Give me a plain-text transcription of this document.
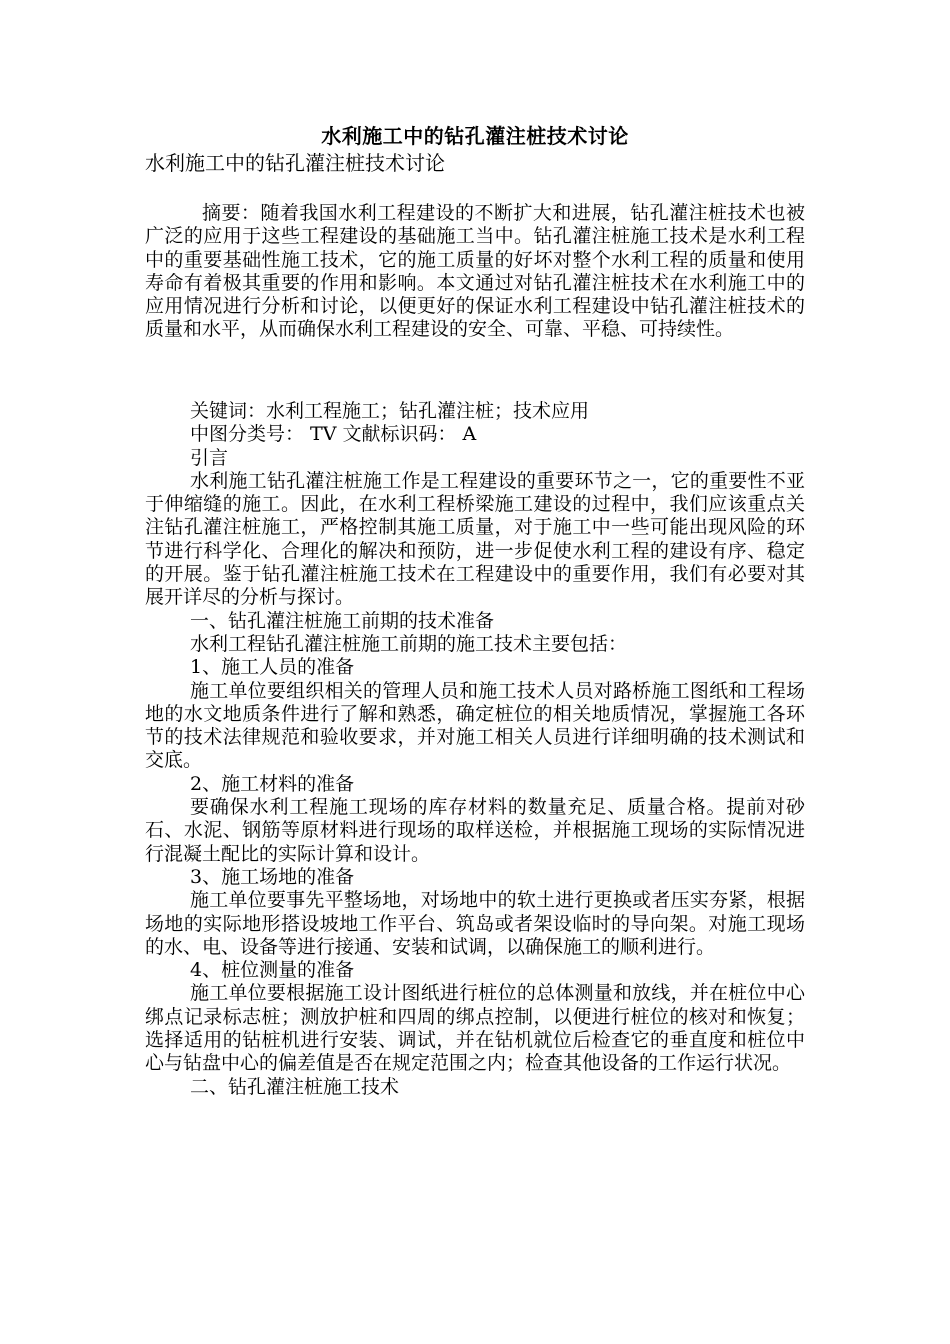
水利施工中的钻孔灌注桩技术讨论
水利施工中的钻孔灌注桩技术讨论

摘要：随着我国水利工程建设的不断扩大和进展，钻孔灌注桩技术也被广泛的应用于这些工程建设的基础施工当中。钻孔灌注桩施工技术是水利工程中的重要基础性施工技术，它的施工质量的好坏对整个水利工程的质量和使用寿命有着极其重要的作用和影响。本文通过对钻孔灌注桩技术在水利施工中的应用情况进行分析和讨论，以便更好的保证水利工程建设中钻孔灌注桩技术的质量和水平，从而确保水利工程建设的安全、可靠、平稳、可持续性。

关键词：水利工程施工；钻孔灌注桩；技术应用

中图分类号： TV 文献标识码： A

引言

水利施工钻孔灌注桩施工作是工程建设的重要环节之一，它的重要性不亚于伸缩缝的施工。因此，在水利工程桥梁施工建设的过程中，我们应该重点关注钻孔灌注桩施工，严格控制其施工质量，对于施工中一些可能出现风险的环节进行科学化、合理化的解决和预防，进一步促使水利工程的建设有序、稳定的开展。鉴于钻孔灌注桩施工技术在工程建设中的重要作用，我们有必要对其展开详尽的分析与探讨。

一、钻孔灌注桩施工前期的技术准备

水利工程钻孔灌注桩施工前期的施工技术主要包括：

1、施工人员的准备

施工单位要组织相关的管理人员和施工技术人员对路桥施工图纸和工程场地的水文地质条件进行了解和熟悉，确定桩位的相关地质情况，掌握施工各环节的技术法律规范和验收要求，并对施工相关人员进行详细明确的技术测试和交底。

2、施工材料的准备

要确保水利工程施工现场的库存材料的数量充足、质量合格。提前对砂石、水泥、钢筋等原材料进行现场的取样送检，并根据施工现场的实际情况进行混凝土配比的实际计算和设计。

3、施工场地的准备

施工单位要事先平整场地，对场地中的软土进行更换或者压实夯紧，根据场地的实际地形搭设坡地工作平台、筑岛或者架设临时的导向架。对施工现场的水、电、设备等进行接通、安装和试调，以确保施工的顺利进行。

4、桩位测量的准备

施工单位要根据施工设计图纸进行桩位的总体测量和放线，并在桩位中心绑点记录标志桩；测放护桩和四周的绑点控制，以便进行桩位的核对和恢复；选择适用的钻桩机进行安装、调试，并在钻机就位后检查它的垂直度和桩位中心与钻盘中心的偏差值是否在规定范围之内；检查其他设备的工作运行状况。

二、钻孔灌注桩施工技术
